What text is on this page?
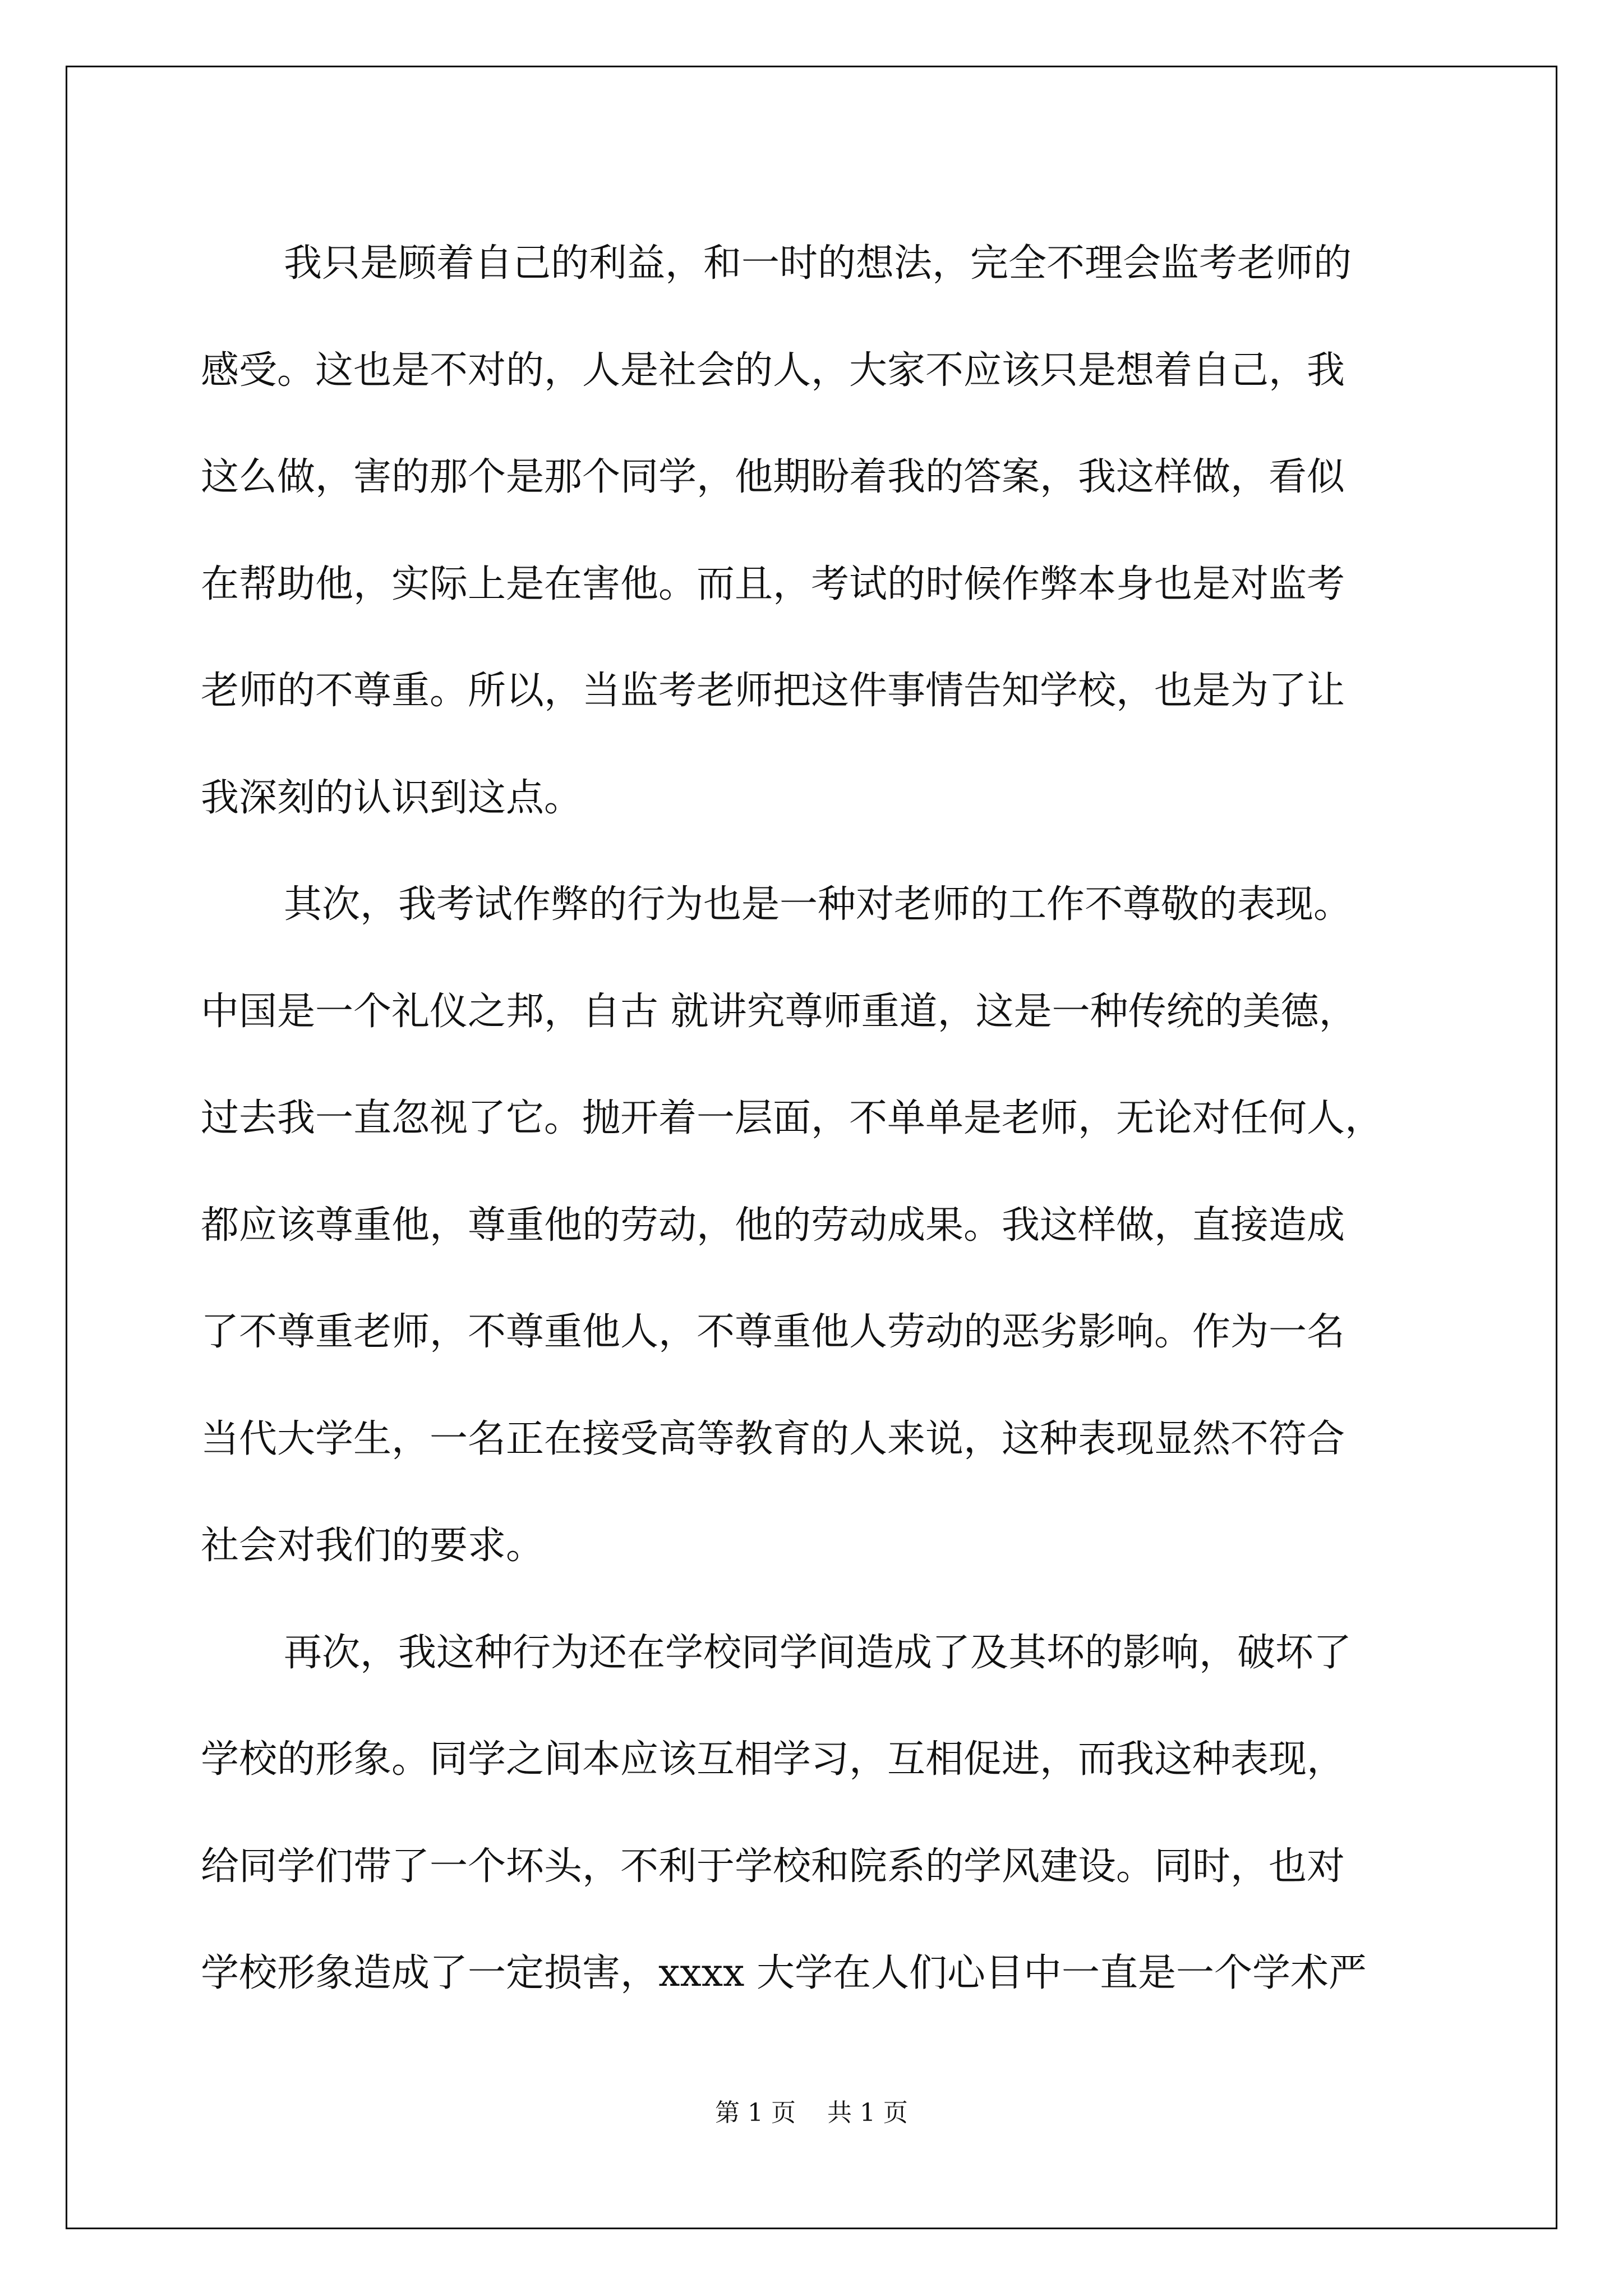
我只是顾着自己的利益，和一时的想法，完全不理会监考老师的
感受。这也是不对的，人是社会的人，大家不应该只是想着自己，我
这么做，害的那个是那个同学，他期盼着我的答案，我这样做，看似
在帮助他，实际上是在害他。而且，考试的时候作弊本身也是对监考
老师的不尊重。所以，当监考老师把这件事情告知学校，也是为了让
我深刻的认识到这点。
其次，我考试作弊的行为也是一种对老师的工作不尊敬的表现。
中国是一个礼仪之邦，自古 就讲究尊师重道，这是一种传统的美德，
过去我一直忽视了它。抛开着一层面，不单单是老师，无论对任何人，
都应该尊重他，尊重他的劳动，他的劳动成果。我这样做，直接造成
了不尊重老师，不尊重他人，不尊重他人劳动的恶劣影响。作为一名
当代大学生，一名正在接受高等教育的人来说，这种表现显然不符合
社会对我们的要求。
再次，我这种行为还在学校同学间造成了及其坏的影响，破坏了
学校的形象。同学之间本应该互相学习，互相促进，而我这种表现，
给同学们带了一个坏头，不利于学校和院系的学风建设。同时，也对
学校形象造成了一定损害，xxxx 大学在人们心目中一直是一个学术严
第 1 页    共 1 页
